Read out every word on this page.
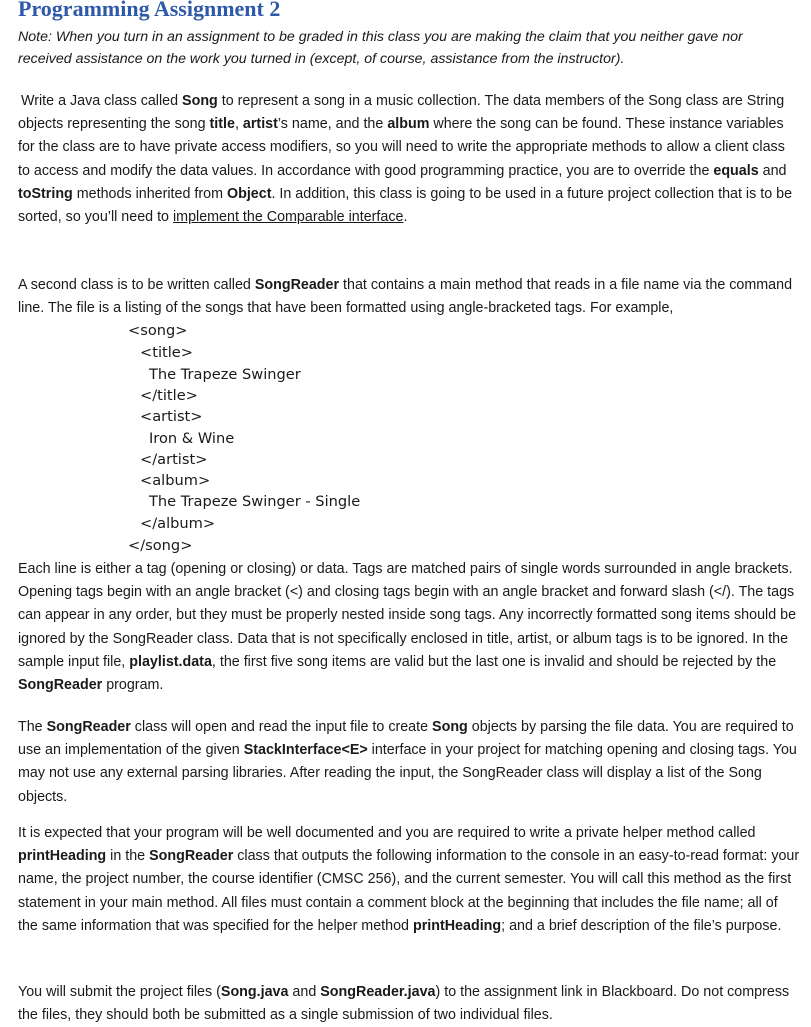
Programming Assignment 2

Note: When you turn in an assignment to be graded in this class you are making the claim that you neither gave nor received assistance on the work you turned in (except, of course, assistance from the instructor).

Write a Java class called Song to represent a song in a music collection. The data members of the Song class are String objects representing the song title, artist’s name, and the album where the song can be found. These instance variables for the class are to have private access modifiers, so you will need to write the appropriate methods to allow a client class to access and modify the data values. In accordance with good programming practice, you are to override the equals and toString methods inherited from Object. In addition, this class is going to be used in a future project collection that is to be sorted, so you’ll need to implement the Comparable interface.

A second class is to be written called SongReader that contains a main method that reads in a file name via the command line. The file is a listing of the songs that have been formatted using angle-bracketed tags. For example,

<song>
<title>
The Trapeze Swinger
</title>
<artist>
Iron & Wine
</artist>
<album>
The Trapeze Swinger - Single
</album>
</song>

Each line is either a tag (opening or closing) or data. Tags are matched pairs of single words surrounded in angle brackets. Opening tags begin with an angle bracket (<) and closing tags begin with an angle bracket and forward slash (</). The tags can appear in any order, but they must be properly nested inside song tags. Any incorrectly formatted song items should be ignored by the SongReader class. Data that is not specifically enclosed in title, artist, or album tags is to be ignored. In the sample input file, playlist.data, the first five song items are valid but the last one is invalid and should be rejected by the SongReader program.

The SongReader class will open and read the input file to create Song objects by parsing the file data. You are required to use an implementation of the given StackInterface<E> interface in your project for matching opening and closing tags. You may not use any external parsing libraries. After reading the input, the SongReader class will display a list of the Song objects.

It is expected that your program will be well documented and you are required to write a private helper method called printHeading in the SongReader class that outputs the following information to the console in an easy-to-read format: your name, the project number, the course identifier (CMSC 256), and the current semester. You will call this method as the first statement in your main method. All files must contain a comment block at the beginning that includes the file name; all of the same information that was specified for the helper method printHeading; and a brief description of the file’s purpose.

You will submit the project files (Song.java and SongReader.java) to the assignment link in Blackboard. Do not compress the files, they should both be submitted as a single submission of two individual files.
